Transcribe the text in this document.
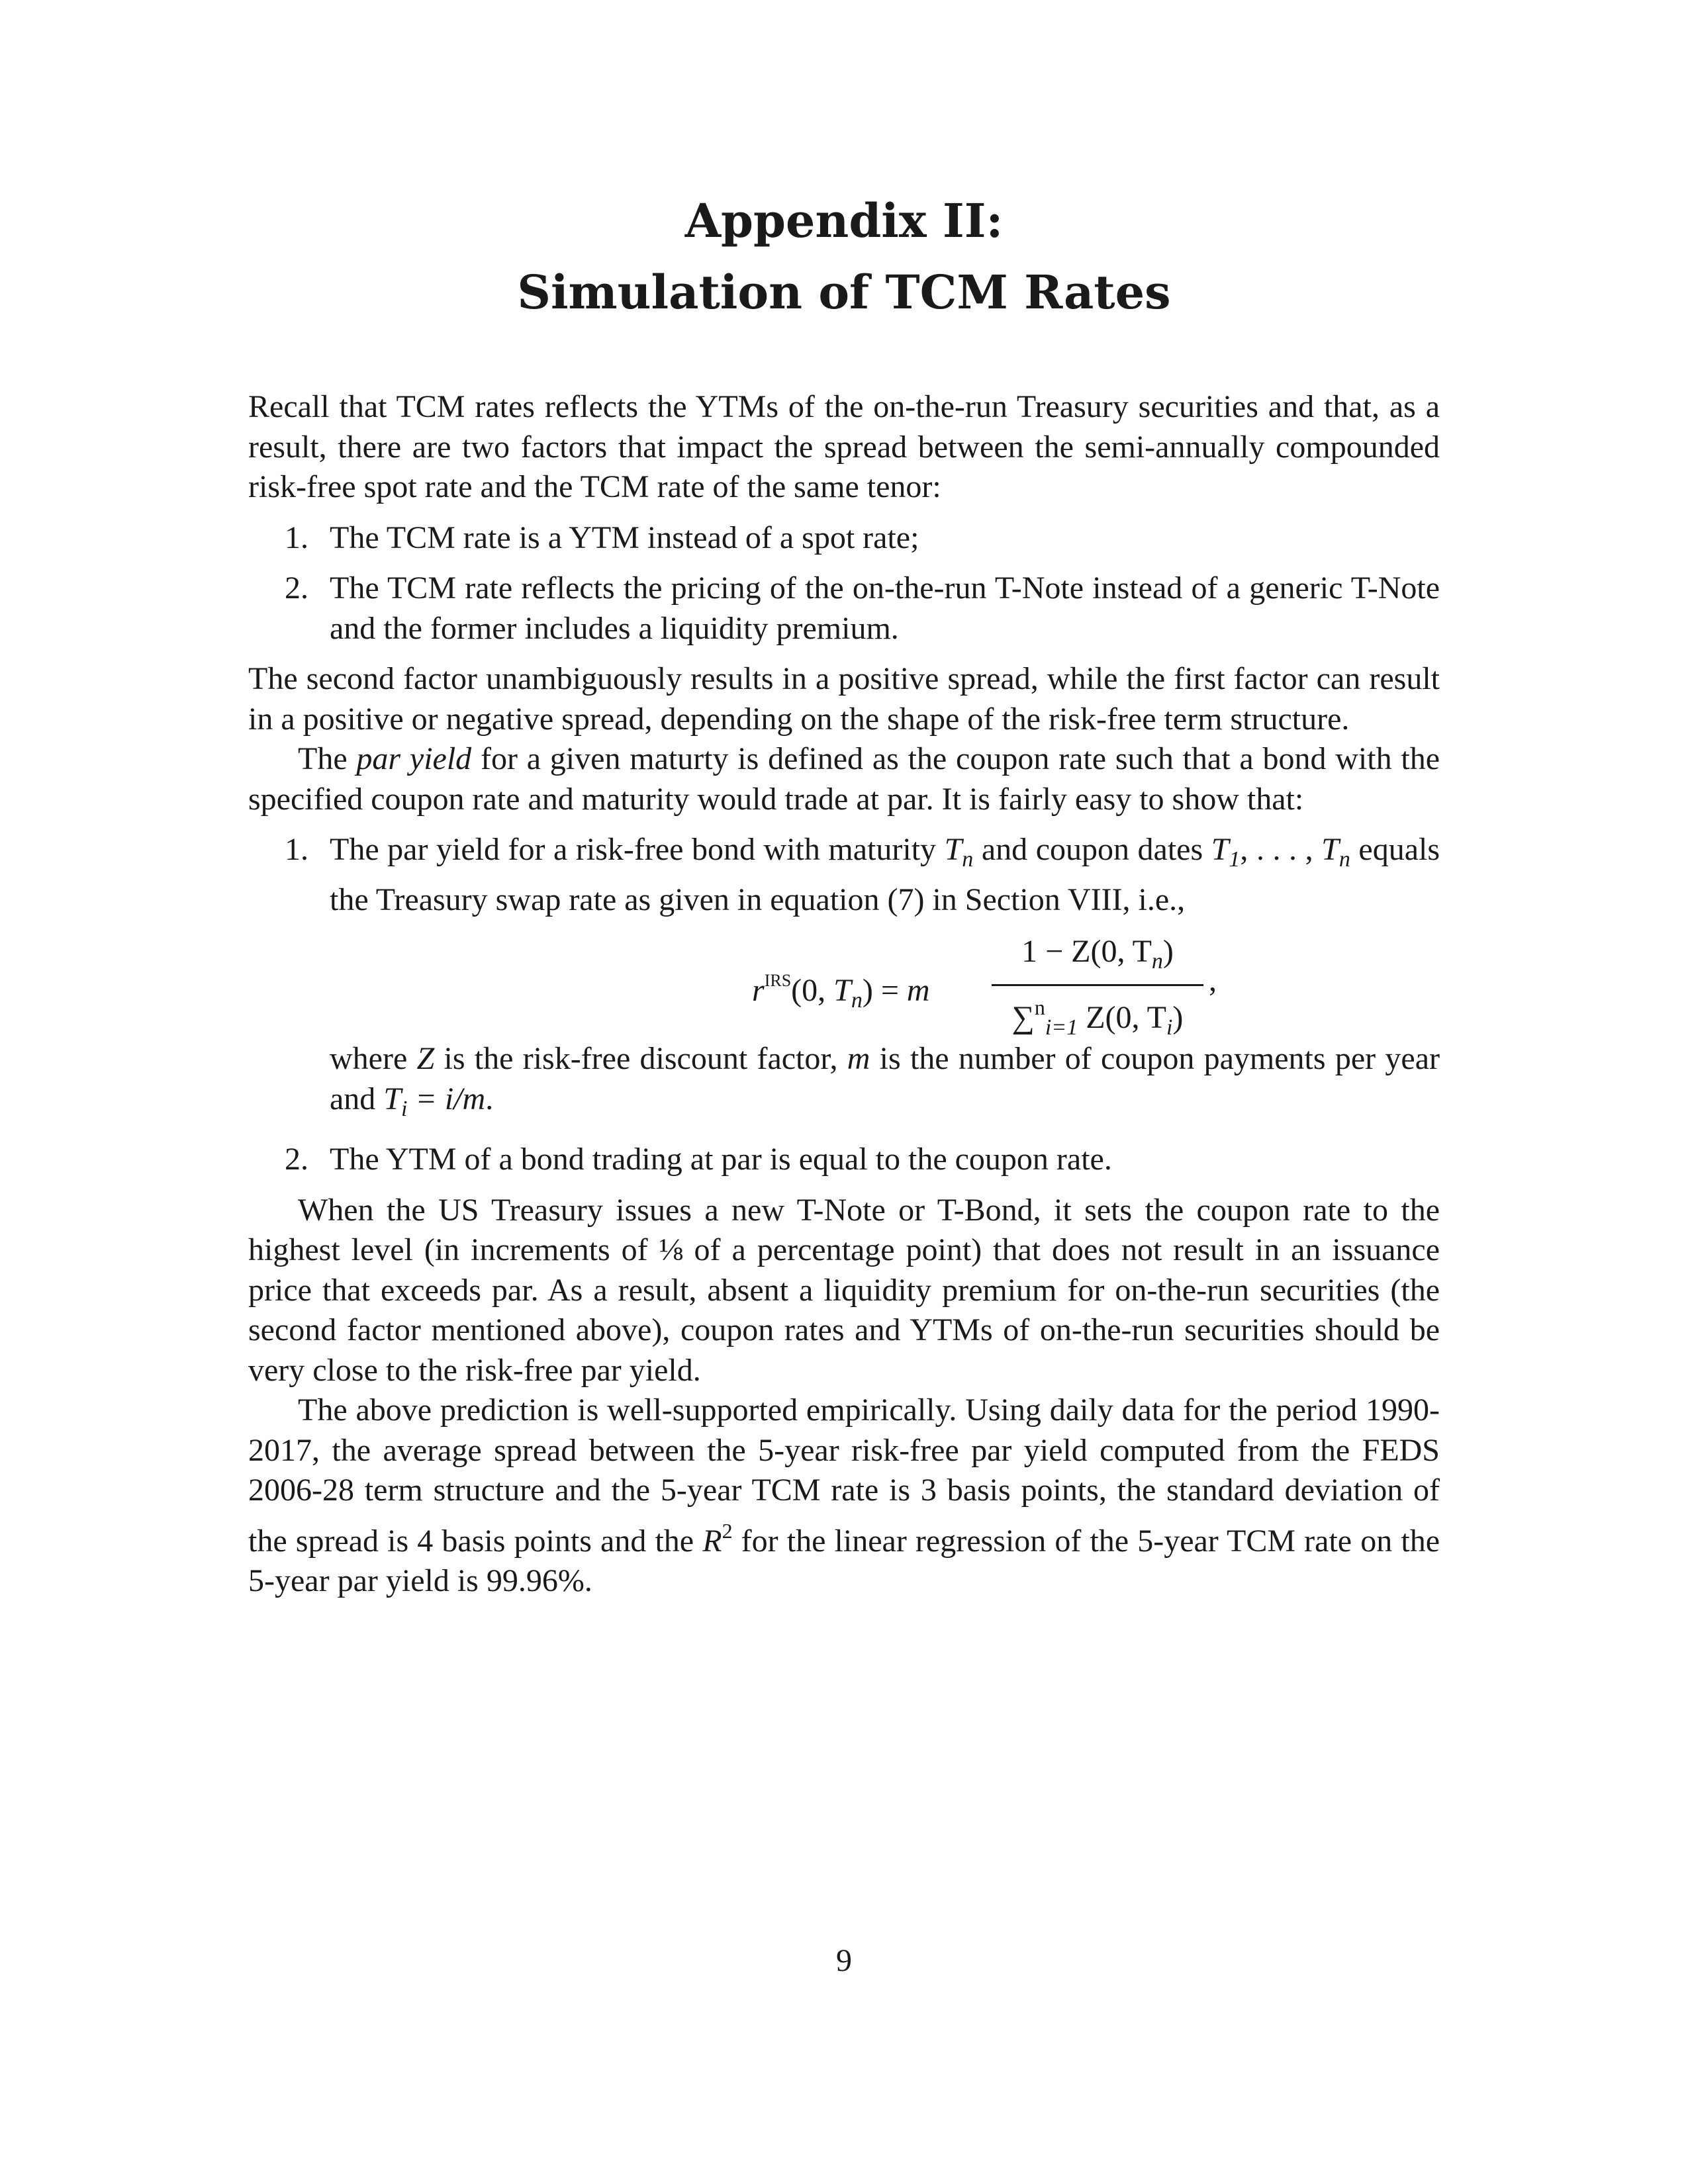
Appendix II:
Simulation of TCM Rates

Recall that TCM rates reflects the YTMs of the on-the-run Treasury securities and that, as a result, there are two factors that impact the spread between the semi-annually compounded risk-free spot rate and the TCM rate of the same tenor:

1. The TCM rate is a YTM instead of a spot rate;
2. The TCM rate reflects the pricing of the on-the-run T-Note instead of a generic T-Note and the former includes a liquidity premium.

The second factor unambiguously results in a positive spread, while the first factor can result in a positive or negative spread, depending on the shape of the risk-free term structure.

The par yield for a given maturty is defined as the coupon rate such that a bond with the specified coupon rate and maturity would trade at par. It is fairly easy to show that:

1. The par yield for a risk-free bond with maturity $T_n$ and coupon dates $T_1$, . . . , $T_n$ equals the Treasury swap rate as given in equation (7) in Section VIII, i.e.,
$r^{IRS}(0$, $T_n) = m$
1 − Z(0, $T_n$)
∑$^n_{i=1}$ Z(0, $T_i$)
,
where Z is the risk-free discount factor, m is the number of coupon payments per year and $T_i = i/m$.
2. The YTM of a bond trading at par is equal to the coupon rate.

When the US Treasury issues a new T-Note or T-Bond, it sets the coupon rate to the highest level (in increments of ⅛ of a percentage point) that does not result in an issuance price that exceeds par. As a result, absent a liquidity premium for on-the-run securities (the second factor mentioned above), coupon rates and YTMs of on-the-run securities should be very close to the risk-free par yield.

The above prediction is well-supported empirically. Using daily data for the period 1990-2017, the average spread between the 5-year risk-free par yield computed from the FEDS 2006-28 term structure and the 5-year TCM rate is 3 basis points, the standard deviation of the spread is 4 basis points and the $R^2$ for the linear regression of the 5-year TCM rate on the 5-year par yield is 99.96%.

9
